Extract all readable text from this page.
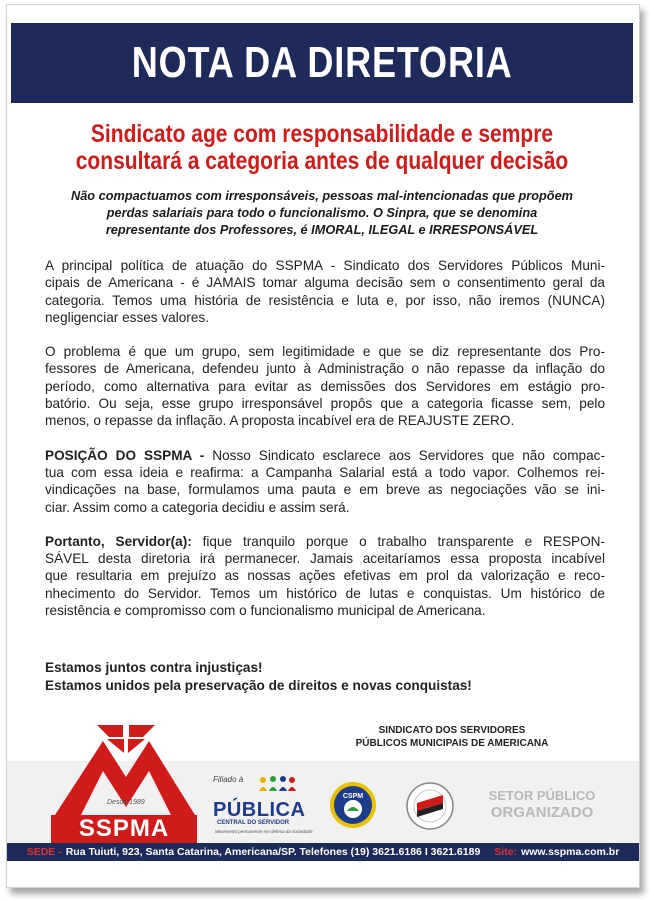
NOTA DA DIRETORIA
Sindicato age com responsabilidade e sempre
consultará a categoria antes de qualquer decisão
Não compactuamos com irresponsáveis, pessoas mal-intencionadas que propõem
perdas salariais para todo o funcionalismo. O Sinpra, que se denomina
representante dos Professores, é IMORAL, ILEGAL e IRRESPONSÁVEL
A principal política de atuação do SSPMA - Sindicato dos Servidores Públicos Muni-
cipais de Americana - é JAMAIS tomar alguma decisão sem o consentimento geral da
categoria. Temos uma história de resistência e luta e, por isso, não iremos (NUNCA)
negligenciar esses valores.
O problema é que um grupo, sem legitimidade e que se diz representante dos Pro-
fessores de Americana, defendeu junto à Administração o não repasse da inflação do
período, como alternativa para evitar as demissões dos Servidores em estágio pro-
batório. Ou seja, esse grupo irresponsável propôs que a categoria ficasse sem, pelo
menos, o repasse da inflação. A proposta incabível era de REAJUSTE ZERO.
POSIÇÃO DO SSPMA - Nosso Sindicato esclarece aos Servidores que não compac-
tua com essa ideia e reafirma: a Campanha Salarial está a todo vapor. Colhemos rei-
vindicações na base, formulamos uma pauta e em breve as negociações vão se ini-
ciar. Assim como a categoria decidiu e assim será.
Portanto, Servidor(a): fique tranquilo porque o trabalho transparente e RESPON-
SÁVEL desta diretoria irá permanecer. Jamais aceitaríamos essa proposta incabível
que resultaria em prejuízo as nossas ações efetivas em prol da valorização e reco-
nhecimento do Servidor. Temos um histórico de lutas e conquistas. Um histórico de
resistência e compromisso com o funcionalismo municipal de Americana.
Estamos juntos contra injustiças!
Estamos unidos pela preservação de direitos e novas conquistas!
SINDICATO DOS SERVIDORES
PÚBLICOS MUNICIPAIS DE AMERICANA
Desde 1989
SSPMA
Filiado à
PÚBLICA
CENTRAL DO SERVIDOR
Movimento permanente em defesa da sociedade
CSPM	SETOR PÚBLICO
ORGANIZADO
SEDE - Rua Tuiuti, 923, Santa Catarina, Americana/SP. Telefones (19) 3621.6186 I 3621.6189 Site: www.sspma.com.br
